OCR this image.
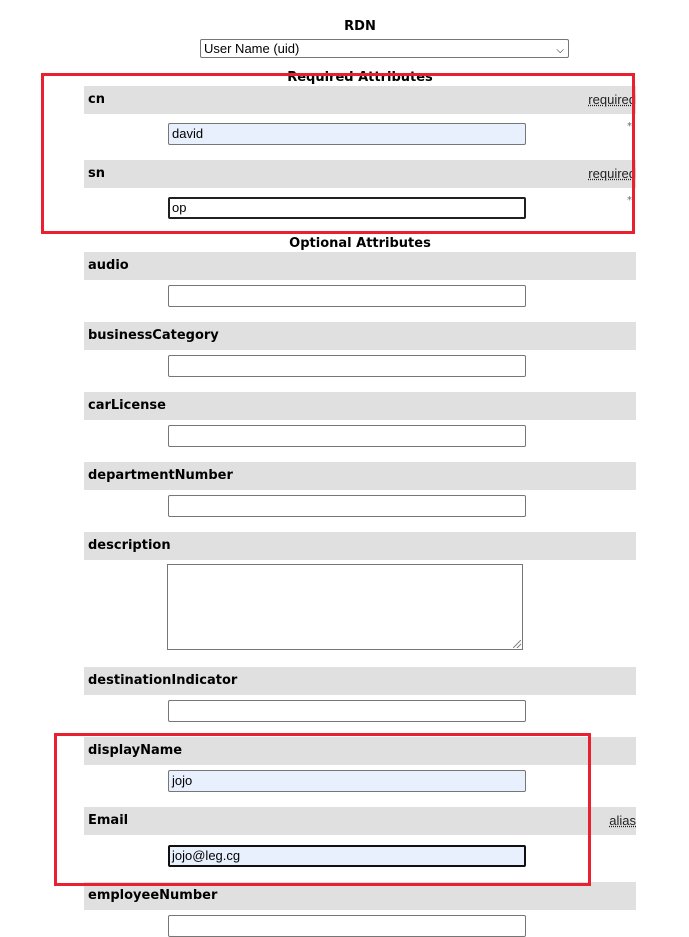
RDN
User Name (uid)	⌵
Required Attributes
cn	required
david	*
sn	required
op	*
Optional Attributes
audio
businessCategory
carLicense
departmentNumber
description
destinationIndicator
displayName
jojo
Email	alias
jojo@leg.cg
employeeNumber
